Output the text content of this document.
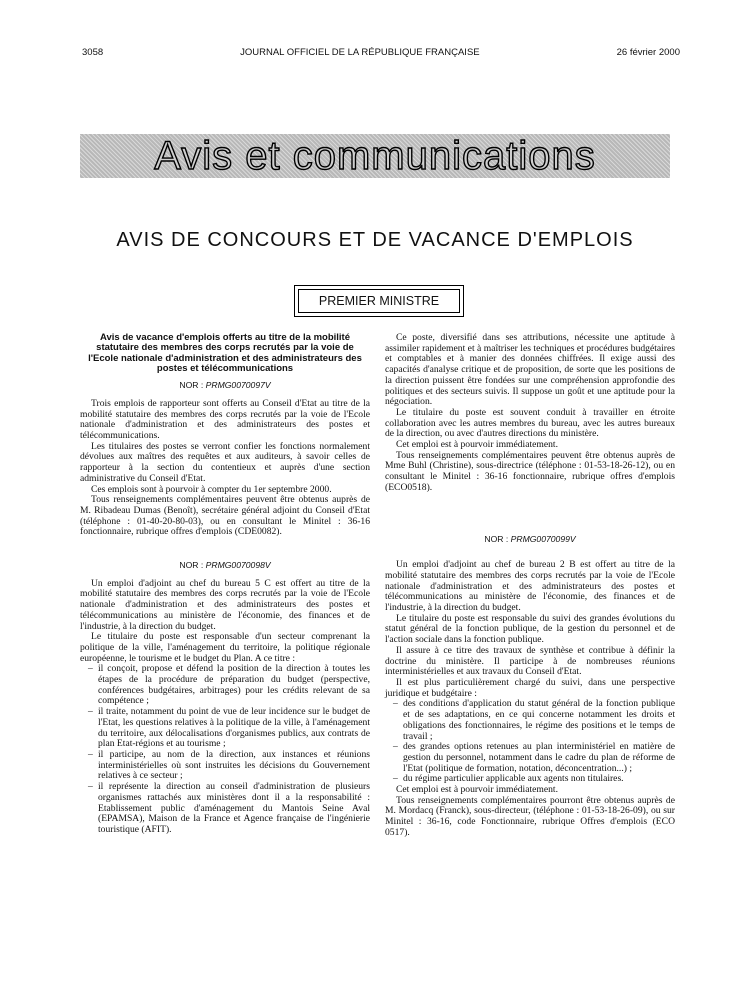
3058	JOURNAL OFFICIEL DE LA RÉPUBLIQUE FRANÇAISE	26 février 2000
Avis et communications
AVIS DE CONCOURS ET DE VACANCE D'EMPLOIS
PREMIER MINISTRE
Avis de vacance d'emplois offerts au titre de la mobilité statutaire des membres des corps recrutés par la voie de l'Ecole nationale d'administration et des administrateurs des postes et télécommunications
NOR : PRMG0070097V

Trois emplois de rapporteur sont offerts au Conseil d'Etat au titre de la mobilité statutaire des membres des corps recrutés par la voie de l'Ecole nationale d'administration et des administrateurs des postes et télécommunications.

Les titulaires des postes se verront confier les fonctions normalement dévolues aux maîtres des requêtes et aux auditeurs, à savoir celles de rapporteur à la section du contentieux et auprès d'une section administrative du Conseil d'Etat.

Ces emplois sont à pourvoir à compter du 1er septembre 2000.

Tous renseignements complémentaires peuvent être obtenus auprès de M. Ribadeau Dumas (Benoît), secrétaire général adjoint du Conseil d'Etat (téléphone : 01-40-20-80-03), ou en consultant le Minitel : 36-16 fonctionnaire, rubrique offres d'emplois (CDE0082).

NOR : PRMG0070098V

Un emploi d'adjoint au chef du bureau 5 C est offert au titre de la mobilité statutaire des membres des corps recrutés par la voie de l'Ecole nationale d'administration et des administrateurs des postes et télécommunications au ministère de l'économie, des finances et de l'industrie, à la direction du budget.

Le titulaire du poste est responsable d'un secteur comprenant la politique de la ville, l'aménagement du territoire, la politique régionale européenne, le tourisme et le budget du Plan. A ce titre :

– il conçoit, propose et défend la position de la direction à toutes les étapes de la procédure de préparation du budget (perspective, conférences budgétaires, arbitrages) pour les crédits relevant de sa compétence ;
– il traite, notamment du point de vue de leur incidence sur le budget de l'Etat, les questions relatives à la politique de la ville, à l'aménagement du territoire, aux délocalisations d'organismes publics, aux contrats de plan Etat-régions et au tourisme ;
– il participe, au nom de la direction, aux instances et réunions interministérielles où sont instruites les décisions du Gouvernement relatives à ce secteur ;
– il représente la direction au conseil d'administration de plusieurs organismes rattachés aux ministères dont il a la responsabilité : Etablissement public d'aménagement du Mantois Seine Aval (EPAMSA), Maison de la France et Agence française de l'ingénierie touristique (AFIT).

Ce poste, diversifié dans ses attributions, nécessite une aptitude à assimiler rapidement et à maîtriser les techniques et procédures budgétaires et comptables et à manier des données chiffrées. Il exige aussi des capacités d'analyse critique et de proposition, de sorte que les positions de la direction puissent être fondées sur une compréhension approfondie des politiques et des secteurs suivis. Il suppose un goût et une aptitude pour la négociation.

Le titulaire du poste est souvent conduit à travailler en étroite collaboration avec les autres membres du bureau, avec les autres bureaux de la direction, ou avec d'autres directions du ministère.

Cet emploi est à pourvoir immédiatement.

Tous renseignements complémentaires peuvent être obtenus auprès de Mme Buhl (Christine), sous-directrice (téléphone : 01-53-18-26-12), ou en consultant le Minitel : 36-16 fonctionnaire, rubrique offres d'emplois (ECO0518).

NOR : PRMG0070099V

Un emploi d'adjoint au chef de bureau 2 B est offert au titre de la mobilité statutaire des membres des corps recrutés par la voie de l'Ecole nationale d'administration et des administrateurs des postes et télécommunications au ministère de l'économie, des finances et de l'industrie, à la direction du budget.

Le titulaire du poste est responsable du suivi des grandes évolutions du statut général de la fonction publique, de la gestion du personnel et de l'action sociale dans la fonction publique.

Il assure à ce titre des travaux de synthèse et contribue à définir la doctrine du ministère. Il participe à de nombreuses réunions interministérielles et aux travaux du Conseil d'Etat.

Il est plus particulièrement chargé du suivi, dans une perspective juridique et budgétaire :

– des conditions d'application du statut général de la fonction publique et de ses adaptations, en ce qui concerne notamment les droits et obligations des fonctionnaires, le régime des positions et le temps de travail ;
– des grandes options retenues au plan interministériel en matière de gestion du personnel, notamment dans le cadre du plan de réforme de l'Etat (politique de formation, notation, déconcentration...) ;
– du régime particulier applicable aux agents non titulaires.

Cet emploi est à pourvoir immédiatement.

Tous renseignements complémentaires pourront être obtenus auprès de M. Mordacq (Franck), sous-directeur, (téléphone : 01-53-18-26-09), ou sur Minitel : 36-16, code Fonctionnaire, rubrique Offres d'emplois (ECO 0517).
